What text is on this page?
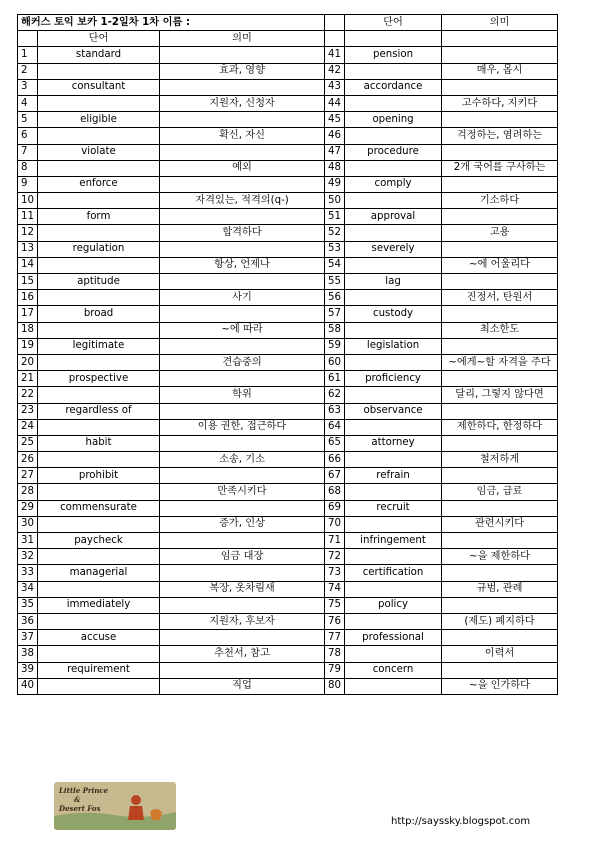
해커스 토익 보카 1-2일차 1차 이름 :				단어	의미
	단어	의미			
1	standard		41	pension	
2		효과, 영향	42		매우, 몹시
3	consultant		43	accordance	
4		지원자, 신청자	44		고수하다, 지키다
5	eligible		45	opening	
6		확신, 자신	46		걱정하는, 염려하는
7	violate		47	procedure	
8		예외	48		2개 국어를 구사하는
9	enforce		49	comply	
10		자격있는, 적격의(q-)	50		기소하다
11	form		51	approval	
12		합격하다	52		고용
13	regulation		53	severely	
14		항상, 언제나	54		~에 어울리다
15	aptitude		55	lag	
16		사기	56		진정서, 탄원서
17	broad		57	custody	
18		~에 따라	58		최소한도
19	legitimate		59	legislation	
20		견습중의	60		~에게~할 자격을 주다
21	prospective		61	proficiency	
22		학위	62		달리, 그렇지 않다면
23	regardless of		63	observance	
24		이용 권한, 접근하다	64		제한하다, 한정하다
25	habit		65	attorney	
26		소송, 기소	66		철저하게
27	prohibit		67	refrain	
28		만족시키다	68		임금, 급료
29	commensurate		69	recruit	
30		증가, 인상	70		관련시키다
31	paycheck		71	infringement	
32		임금 대장	72		~을 제한하다
33	managerial		73	certification	
34		복장, 옷차림새	74		규범, 관례
35	immediately		75	policy	
36		지원자, 후보자	76		(제도) 폐지하다
37	accuse		77	professional	
38		추천서, 참고	78		이력서
39	requirement		79	concern	
40		직업	80		~을 인가하다
Little Prince
&
Desert Fox
http://sayssky.blogspot.com
